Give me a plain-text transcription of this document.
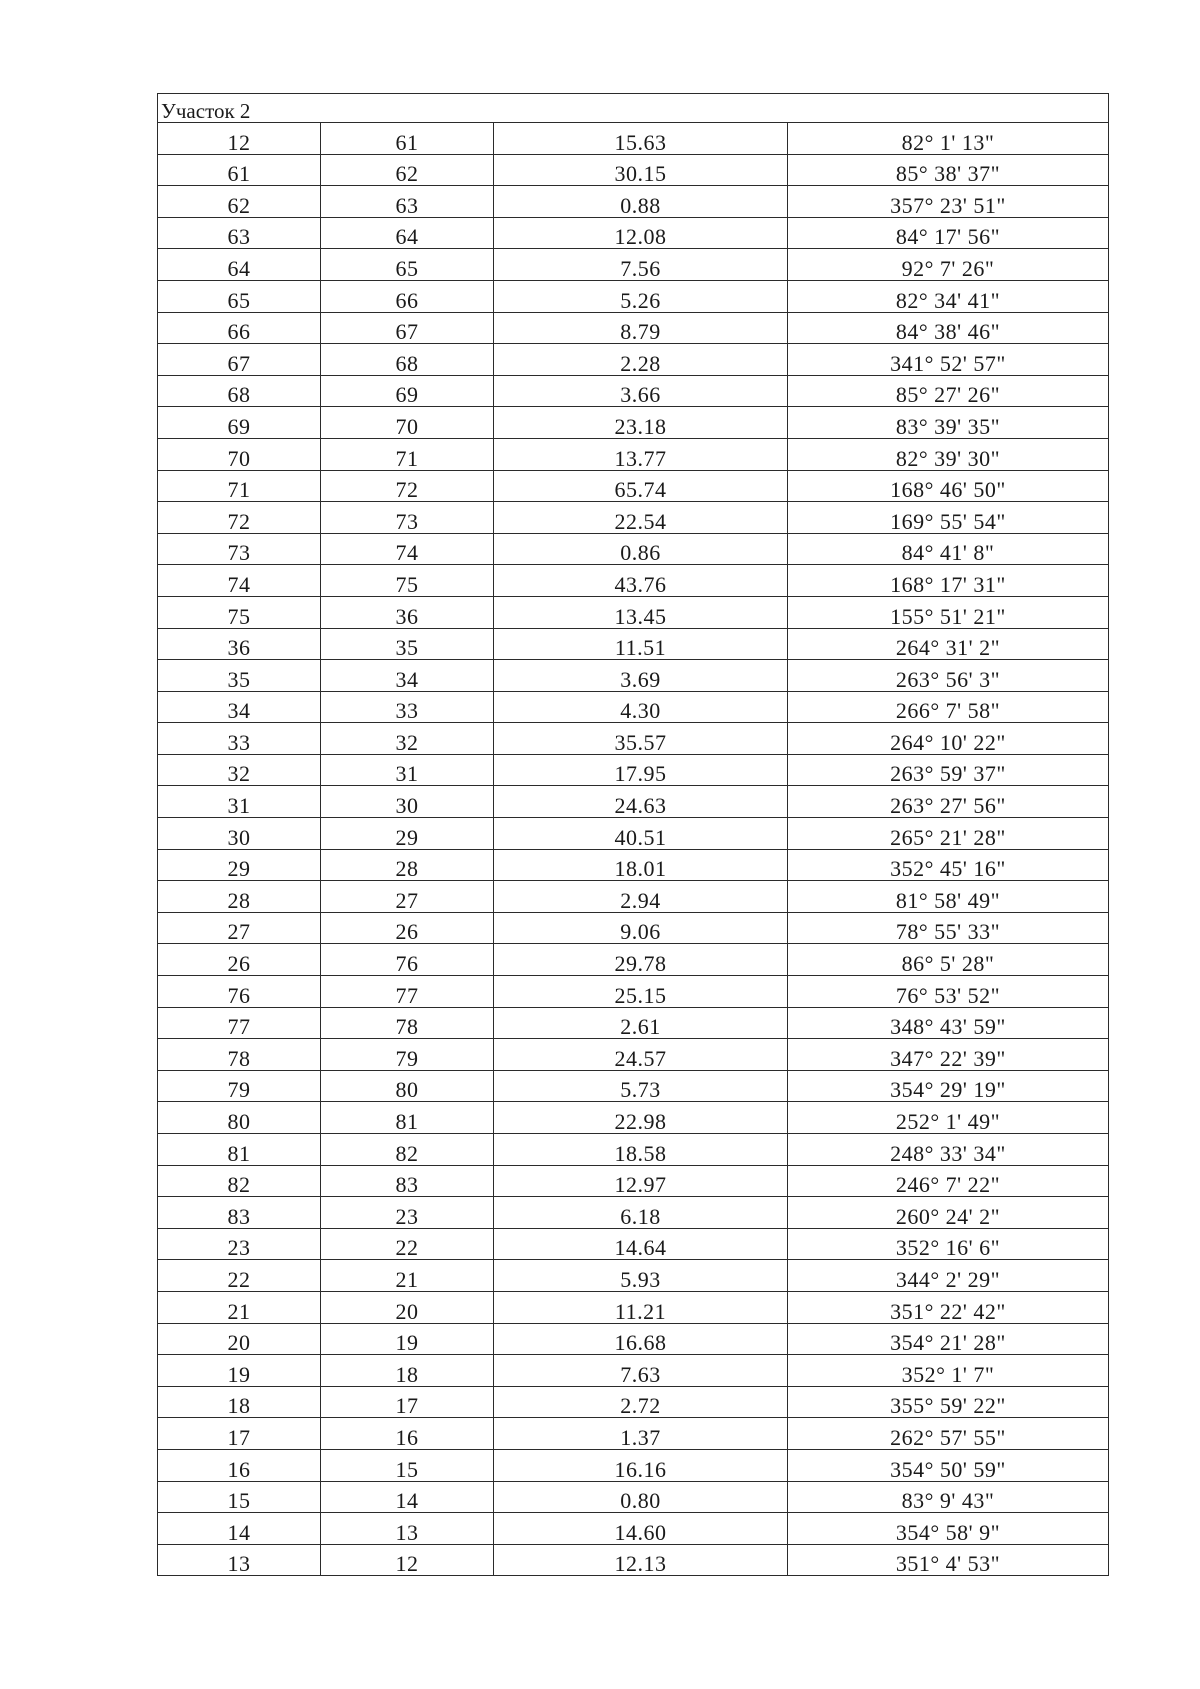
Участок 2			
12	61	15.63	82° 1' 13"
61	62	30.15	85° 38' 37"
62	63	0.88	357° 23' 51"
63	64	12.08	84° 17' 56"
64	65	7.56	92° 7' 26"
65	66	5.26	82° 34' 41"
66	67	8.79	84° 38' 46"
67	68	2.28	341° 52' 57"
68	69	3.66	85° 27' 26"
69	70	23.18	83° 39' 35"
70	71	13.77	82° 39' 30"
71	72	65.74	168° 46' 50"
72	73	22.54	169° 55' 54"
73	74	0.86	84° 41' 8"
74	75	43.76	168° 17' 31"
75	36	13.45	155° 51' 21"
36	35	11.51	264° 31' 2"
35	34	3.69	263° 56' 3"
34	33	4.30	266° 7' 58"
33	32	35.57	264° 10' 22"
32	31	17.95	263° 59' 37"
31	30	24.63	263° 27' 56"
30	29	40.51	265° 21' 28"
29	28	18.01	352° 45' 16"
28	27	2.94	81° 58' 49"
27	26	9.06	78° 55' 33"
26	76	29.78	86° 5' 28"
76	77	25.15	76° 53' 52"
77	78	2.61	348° 43' 59"
78	79	24.57	347° 22' 39"
79	80	5.73	354° 29' 19"
80	81	22.98	252° 1' 49"
81	82	18.58	248° 33' 34"
82	83	12.97	246° 7' 22"
83	23	6.18	260° 24' 2"
23	22	14.64	352° 16' 6"
22	21	5.93	344° 2' 29"
21	20	11.21	351° 22' 42"
20	19	16.68	354° 21' 28"
19	18	7.63	352° 1' 7"
18	17	2.72	355° 59' 22"
17	16	1.37	262° 57' 55"
16	15	16.16	354° 50' 59"
15	14	0.80	83° 9' 43"
14	13	14.60	354° 58' 9"
13	12	12.13	351° 4' 53"
